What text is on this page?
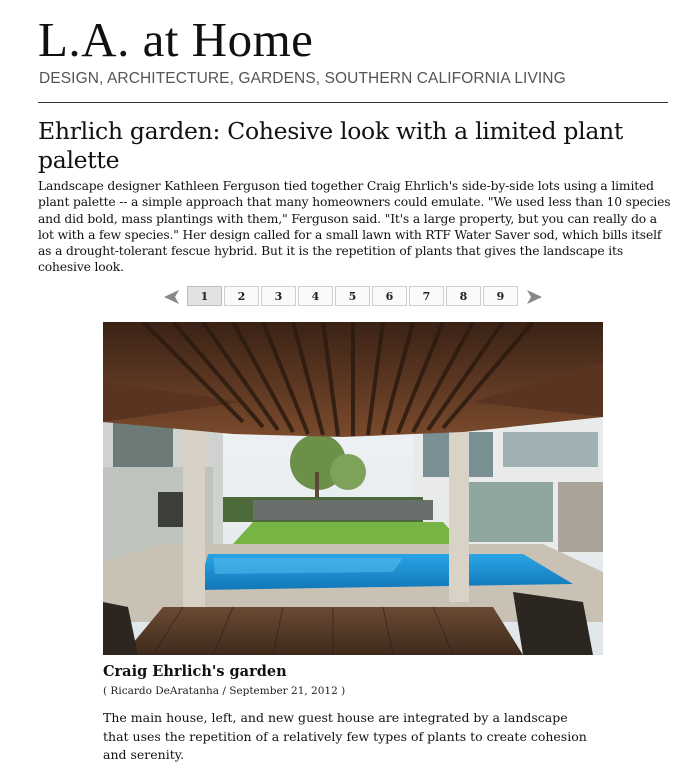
L.A. at Home
DESIGN, ARCHITECTURE, GARDENS, SOUTHERN CALIFORNIA LIVING
Ehrlich garden: Cohesive look with a limited plant palette

Landscape designer Kathleen Ferguson tied together Craig Ehrlich's side-by-side lots using a limited plant palette -- a simple approach that many homeowners could emulate. "We used less than 10 species and did bold, mass plantings with them," Ferguson said. "It's a large property, but you can really do a lot with a few species." Her design called for a small lawn with RTF Water Saver sod, which bills itself as a drought-tolerant fescue hybrid. But it is the repetition of plants that gives the landscape its cohesive look.

1	2	3	4	5	6	7	8	9
Craig Ehrlich's garden
( Ricardo DeAratanha / September 21, 2012 )

The main house, left, and new guest house are integrated by a landscape that uses the repetition of a relatively few types of plants to create cohesion and serenity.
